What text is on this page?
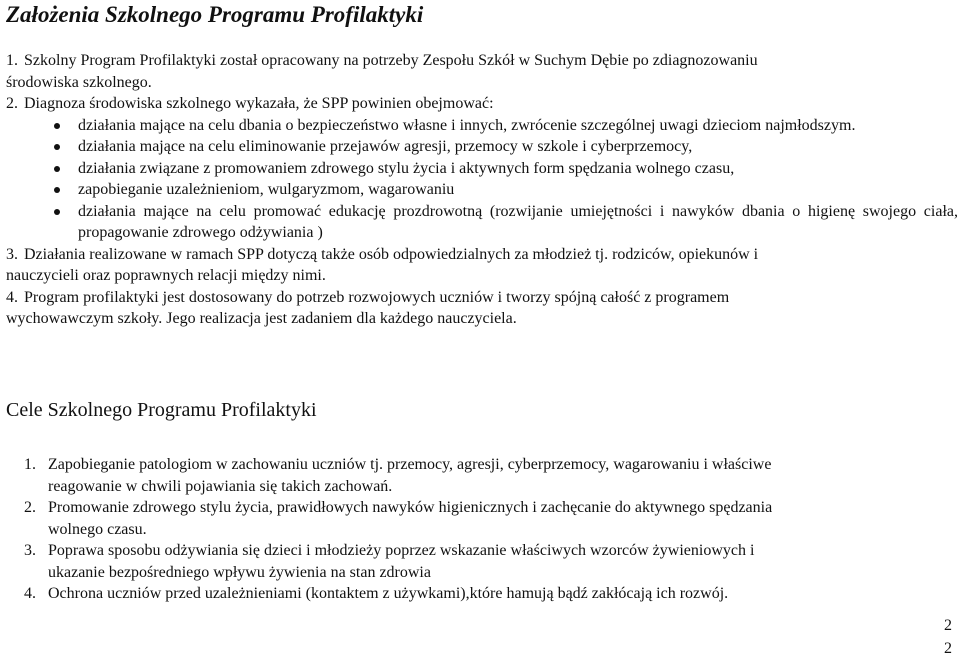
Założenia Szkolnego Programu Profilaktyki
1. Szkolny Program Profilaktyki został opracowany na potrzeby Zespołu Szkół w Suchym Dębie po zdiagnozowaniu
środowiska szkolnego.
2. Diagnoza środowiska szkolnego wykazała, że SPP powinien obejmować:
działania mające na celu dbania o bezpieczeństwo własne i innych, zwrócenie szczególnej uwagi dzieciom najmłodszym.
działania mające na celu eliminowanie przejawów agresji, przemocy w szkole i cyberprzemocy,
działania związane z promowaniem zdrowego stylu życia i aktywnych form spędzania wolnego czasu,
zapobieganie uzależnieniom, wulgaryzmom, wagarowaniu
działania mające na celu promować edukację prozdrowotną (rozwijanie umiejętności i nawyków dbania o higienę swojego ciała, propagowanie zdrowego odżywiania )
3. Działania realizowane w ramach SPP dotyczą także osób odpowiedzialnych za młodzież tj. rodziców, opiekunów i
nauczycieli oraz poprawnych relacji między nimi.
4. Program profilaktyki jest dostosowany do potrzeb rozwojowych uczniów i tworzy spójną całość z programem
wychowawczym szkoły. Jego realizacja jest zadaniem dla każdego nauczyciela.
Cele Szkolnego Programu Profilaktyki
1. Zapobieganie patologiom w zachowaniu uczniów tj. przemocy, agresji, cyberprzemocy, wagarowaniu i właściwe
reagowanie w chwili pojawiania się takich zachowań.
2. Promowanie zdrowego stylu życia, prawidłowych nawyków higienicznych i zachęcanie do aktywnego spędzania
wolnego czasu.
3. Poprawa sposobu odżywiania się dzieci i młodzieży poprzez wskazanie właściwych wzorców żywieniowych i
ukazanie bezpośredniego wpływu żywienia na stan zdrowia
4. Ochrona uczniów przed uzależnieniami (kontaktem z używkami),które hamują bądź zakłócają ich rozwój.
2
2
